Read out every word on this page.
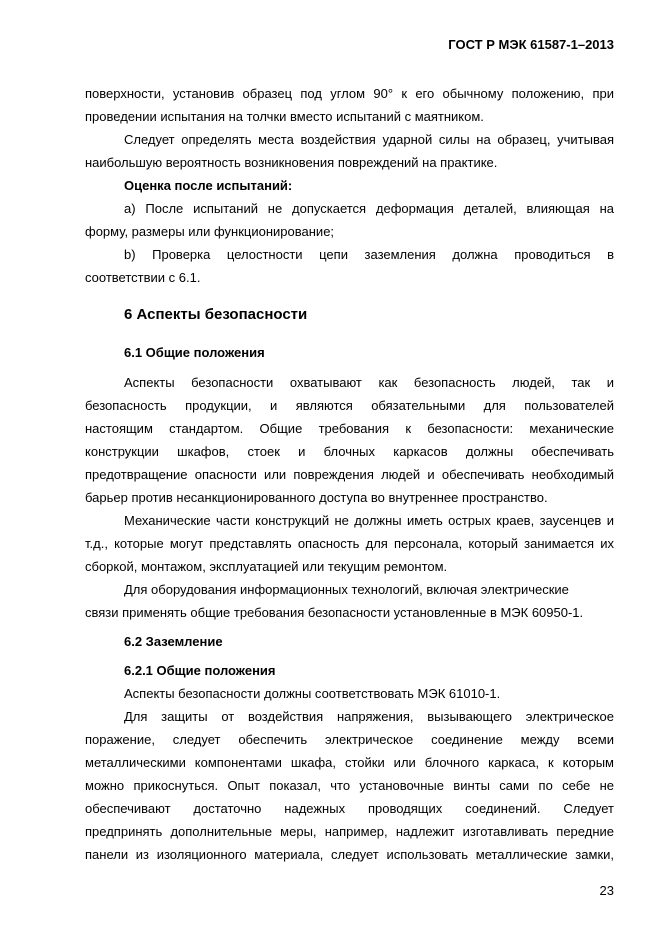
ГОСТ Р МЭК 61587-1–2013
поверхности, установив образец под углом 90° к его обычному положению, при
проведении испытания на толчки вместо испытаний с маятником.
Следует определять места воздействия ударной силы на образец, учитывая
наибольшую вероятность возникновения повреждений на практике.
Оценка после испытаний:
а) После испытаний не допускается деформация деталей, влияющая на
форму, размеры или функционирование;
b) Проверка целостности цепи заземления должна проводиться в
соответствии с 6.1.
6 Аспекты безопасности
6.1 Общие положения
Аспекты безопасности охватывают как безопасность людей, так и
безопасность продукции, и являются обязательными для пользователей
настоящим стандартом. Общие требования к безопасности: механические
конструкции шкафов, стоек и блочных каркасов должны обеспечивать
предотвращение опасности или повреждения людей и обеспечивать необходимый
барьер против несанкционированного доступа во внутреннее пространство.
Механические части конструкций не должны иметь острых краев, заусенцев и
т.д., которые могут представлять опасность для персонала, который занимается их
сборкой, монтажом, эксплуатацией или текущим ремонтом.
Для оборудования информационных технологий, включая электрические
связи применять общие требования безопасности установленные в МЭК 60950-1.
6.2 Заземление
6.2.1 Общие положения
Аспекты безопасности должны соответствовать МЭК 61010-1.
Для защиты от воздействия напряжения, вызывающего электрическое
поражение, следует обеспечить электрическое соединение между всеми
металлическими компонентами шкафа, стойки или блочного каркаса, к которым
можно прикоснуться. Опыт показал, что установочные винты сами по себе не
обеспечивают достаточно надежных проводящих соединений. Следует
предпринять дополнительные меры, например, надлежит изготавливать передние
панели из изоляционного материала, следует использовать металлические замки,
23
